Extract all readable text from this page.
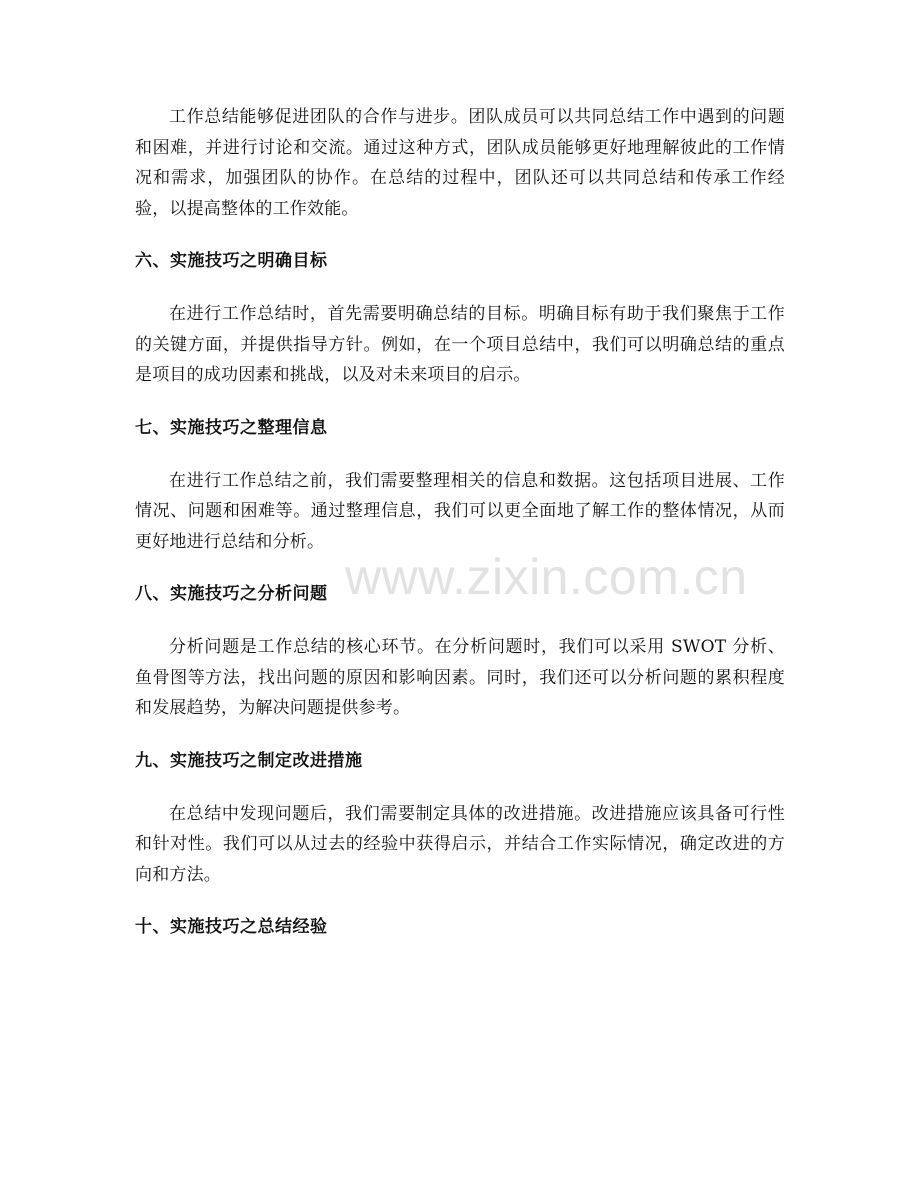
工作总结能够促进团队的合作与进步。团队成员可以共同总结工作中遇到的问题和困难，并进行讨论和交流。通过这种方式，团队成员能够更好地理解彼此的工作情况和需求，加强团队的协作。在总结的过程中，团队还可以共同总结和传承工作经验，以提高整体的工作效能。

六、实施技巧之明确目标

在进行工作总结时，首先需要明确总结的目标。明确目标有助于我们聚焦于工作的关键方面，并提供指导方针。例如，在一个项目总结中，我们可以明确总结的重点是项目的成功因素和挑战，以及对未来项目的启示。

七、实施技巧之整理信息

在进行工作总结之前，我们需要整理相关的信息和数据。这包括项目进展、工作情况、问题和困难等。通过整理信息，我们可以更全面地了解工作的整体情况，从而更好地进行总结和分析。

八、实施技巧之分析问题

分析问题是工作总结的核心环节。在分析问题时，我们可以采用 SWOT 分析、鱼骨图等方法，找出问题的原因和影响因素。同时，我们还可以分析问题的累积程度和发展趋势，为解决问题提供参考。

九、实施技巧之制定改进措施

在总结中发现问题后，我们需要制定具体的改进措施。改进措施应该具备可行性和针对性。我们可以从过去的经验中获得启示，并结合工作实际情况，确定改进的方向和方法。

十、实施技巧之总结经验
www.zixin.com.cn
